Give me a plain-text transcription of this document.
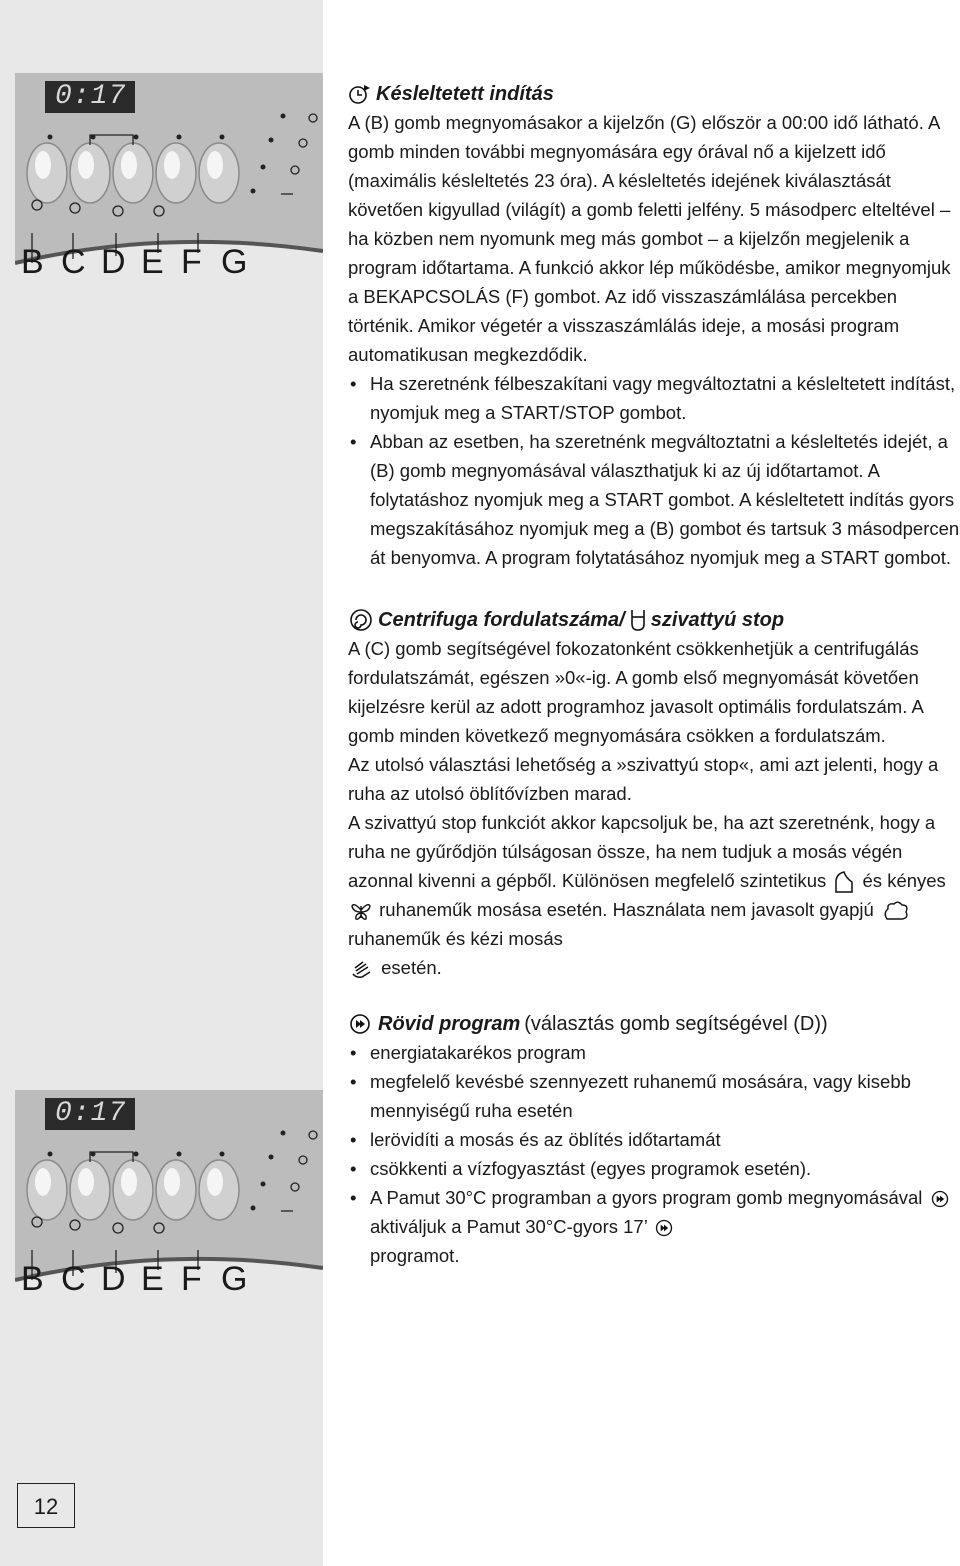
0:17
B C D E F G
0:17
B C D E F G
12
Késleltetett indítás

A (B) gomb megnyomásakor a kijelzőn (G) először a 00:00 idő látható. A gomb minden további megnyomására egy órával nő a kijelzett idő (maximális késleltetés 23 óra). A késleltetés idejének kiválasztását követően kigyullad (világít) a gomb feletti jelfény. 5 másodperc elteltével – ha közben nem nyomunk meg más gombot – a kijelzőn megjelenik a program időtartama. A funkció akkor lép működésbe, amikor megnyomjuk a BEKAPCSOLÁS (F) gombot. Az idő visszaszámlálása percekben történik. Amikor végetér a visszaszámlálás ideje, a mosási program automatikusan megkezdődik.

• Ha szeretnénk félbeszakítani vagy megváltoztatni a késleltetett indítást, nyomjuk meg a START/STOP gombot.
• Abban az esetben, ha szeretnénk megváltoztatni a késleltetés idejét, a (B) gomb megnyomásával választhatjuk ki az új időtartamot. A folytatáshoz nyomjuk meg a START gombot. A késleltetett indítás gyors megszakításához nyomjuk meg a (B) gombot és tartsuk 3 másodpercen át benyomva. A program folytatásához nyomjuk meg a START gombot.
Centrifuga fordulatszáma/ szivattyú stop

A (C) gomb segítségével fokozatonként csökkenhetjük a centrifugálás fordulatszámát, egészen »0«-ig. A gomb első megnyomását követően kijelzésre kerül az adott programhoz javasolt optimális fordulatszám. A gomb minden következő megnyomására csökken a fordulatszám.

Az utolsó választási lehetőség a »szivattyú stop«, ami azt jelenti, hogy a ruha az utolsó öblítővízben marad.

A szivattyú stop funkciót akkor kapcsoljuk be, ha azt szeretnénk, hogy a ruha ne gyűrődjön túlságosan össze, ha nem tudjuk a mosás végén azonnal kivenni a gépből. Különösen megfelelő szintetikus és kényes  ruhaneműk mosása esetén. Használata nem javasolt gyapjú  ruhaneműk és kézi mosás
esetén.

Rövid program (választás gomb segítségével (D))
• energiatakarékos program
• megfelelő kevésbé szennyezett ruhanemű mosására, vagy kisebb mennyiségű ruha esetén
• lerövidíti a mosás és az öblítés időtartamát
• csökkenti a vízfogyasztást (egyes programok esetén).
• A Pamut 30°C programban a gyors program gomb megnyomásával  aktiváljuk a Pamut 30°C-gyors 17’
programot.
